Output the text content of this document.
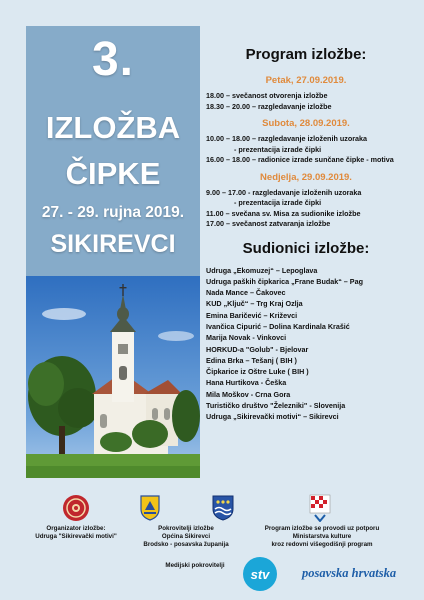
3.
IZLOŽBA
ČIPKE
27. - 29. rujna 2019.
SIKIREVCI
Program izložbe:
Petak, 27.09.2019.
18.00 – svečanost otvorenja izložbe
18.30 – 20.00 – razgledavanje izložbe
Subota, 28.09.2019.
10.00 – 18.00 – razgledavanje izloženih uzoraka
- prezentacija izrade čipki
16.00 – 18.00 – radionice izrade sunčane čipke - motiva
Nedjelja, 29.09.2019.
9.00 – 17.00 - razgledavanje izloženih uzoraka
- prezentacija izrade čipki
11.00 – svečana sv. Misa za sudionike izložbe
17.00 – svečanost zatvaranja izložbe
Sudionici izložbe:
Udruga „Ekomuzej“ – Lepoglava
Udruga paških čipkarica „Frane Budak“ – Pag
Nada Mance – Čakovec
KUD „Ključ“ – Trg Kraj Ozlja
Emina Baričević – Križevci
Ivančica Cipurić – Dolina Kardinala Krašić
Marija Novak - Vinkovci
HORKUD-a "Golub" - Bjelovar
Edina Brka – Tešanj ( BIH )
Čipkarice iz Oštre Luke ( BIH )
Hana Hurtikova - Češka
Mila Moškov - Crna Gora
Turističko društvo "Železniki" - Slovenija
Udruga „Sikirevački motivi“ – Sikirevci
Organizator izložbe:
Udruga "Sikirevački motivi"
Pokrovitelji izložbe
Općina Sikirevci
Brodsko - posavska županija
Program izložbe se provodi uz potporu
Ministarstva kulture
kroz redovni višegodišnji program
Medijski pokrovitelji
stv	posavska hrvatska
